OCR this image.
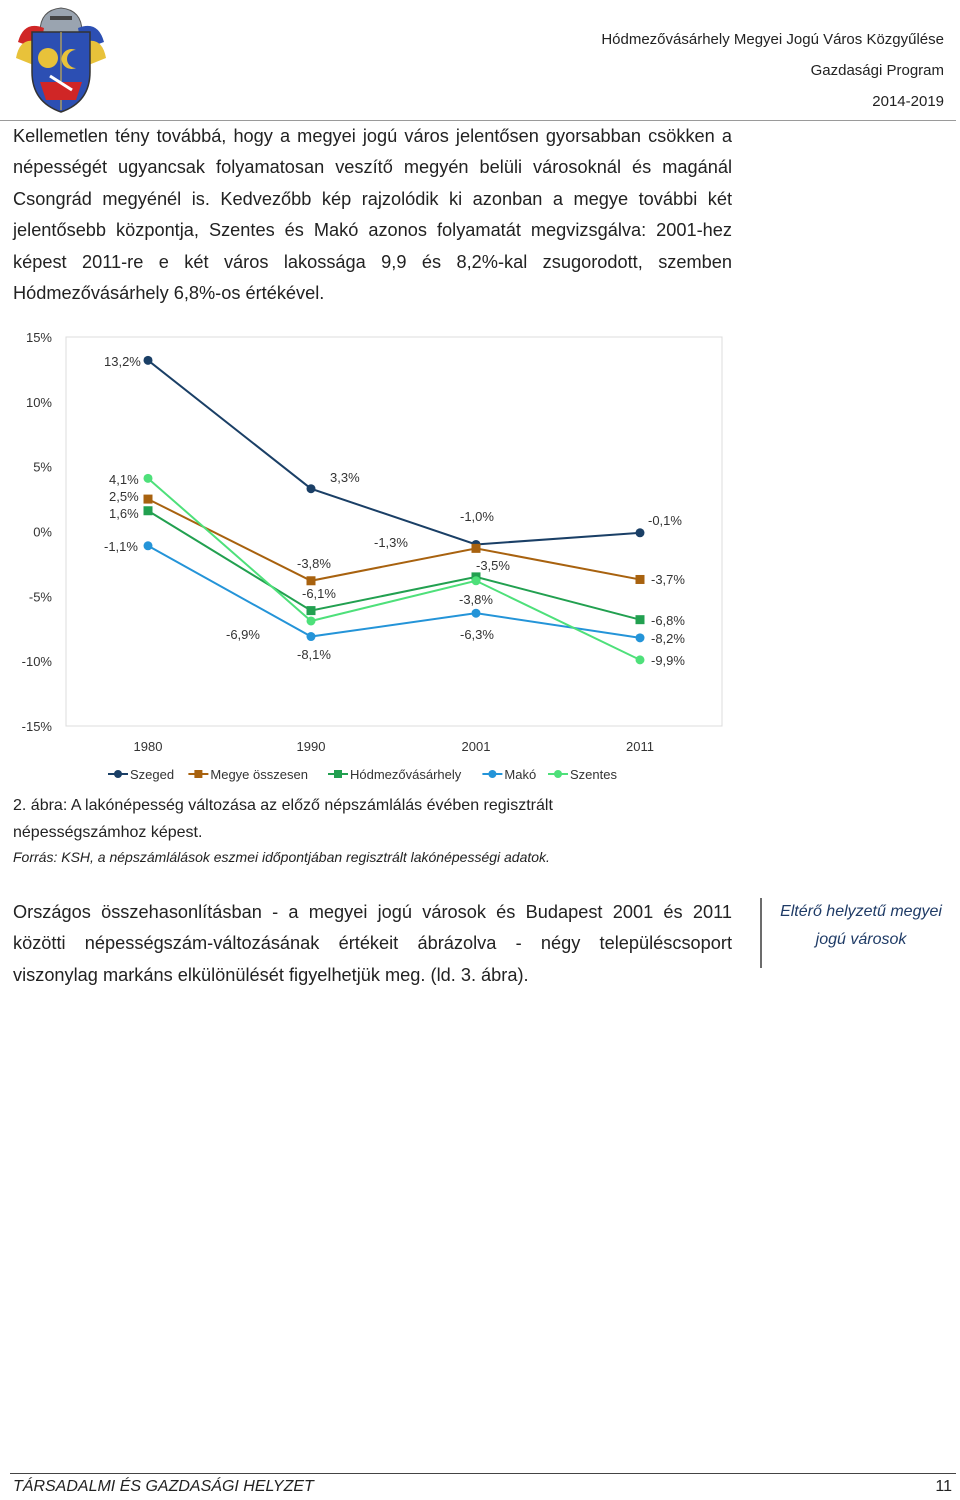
Hódmezővásárhely Megyei Jogú Város Közgyűlése
Gazdasági Program
2014-2019
Kellemetlen tény továbbá, hogy a megyei jogú város jelentősen gyorsabban csökken a népességét ugyancsak folyamatosan veszítő megyén belüli városoknál és magánál Csongrád megyénél is. Kedvezőbb kép rajzolódik ki azonban a megye további két jelentősebb központja, Szentes és Makó azonos folyamatát megvizsgálva: 2001-hez képest 2011-re e két város lakossága 9,9 és 8,2%-kal zsugorodott, szemben Hódmezővásárhely 6,8%-os értékével.
15%
10%
5%
0%
-5%
-10%
-15%
1980	1990	2001	2011
13,2%
3,3%
-1,0%	-0,1%
2,5%
-3,8%
-1,3%
-3,7%
1,6%
-6,1%
-3,5%
-6,8%
-1,1%
-8,1%
-6,3%	-8,2%
4,1%
-6,9%
-3,8%
-9,9%
Szeged	Megye összesen	Hódmezővásárhely	Makó	Szentes
2. ábra: A lakónépesség változása az előző népszámlálás évében regisztrált népességszámhoz képest.
Forrás: KSH, a népszámlálások eszmei időpontjában regisztrált lakónépességi adatok.
Országos összehasonlításban - a megyei jogú városok és Budapest 2001 és 2011 közötti népességszám-változásának értékeit ábrázolva - négy településcsoport viszonylag markáns elkülönülését figyelhetjük meg. (ld. 3. ábra).
Eltérő helyzetű megyei jogú városok
TÁRSADALMI ÉS GAZDASÁGI HELYZET	11
